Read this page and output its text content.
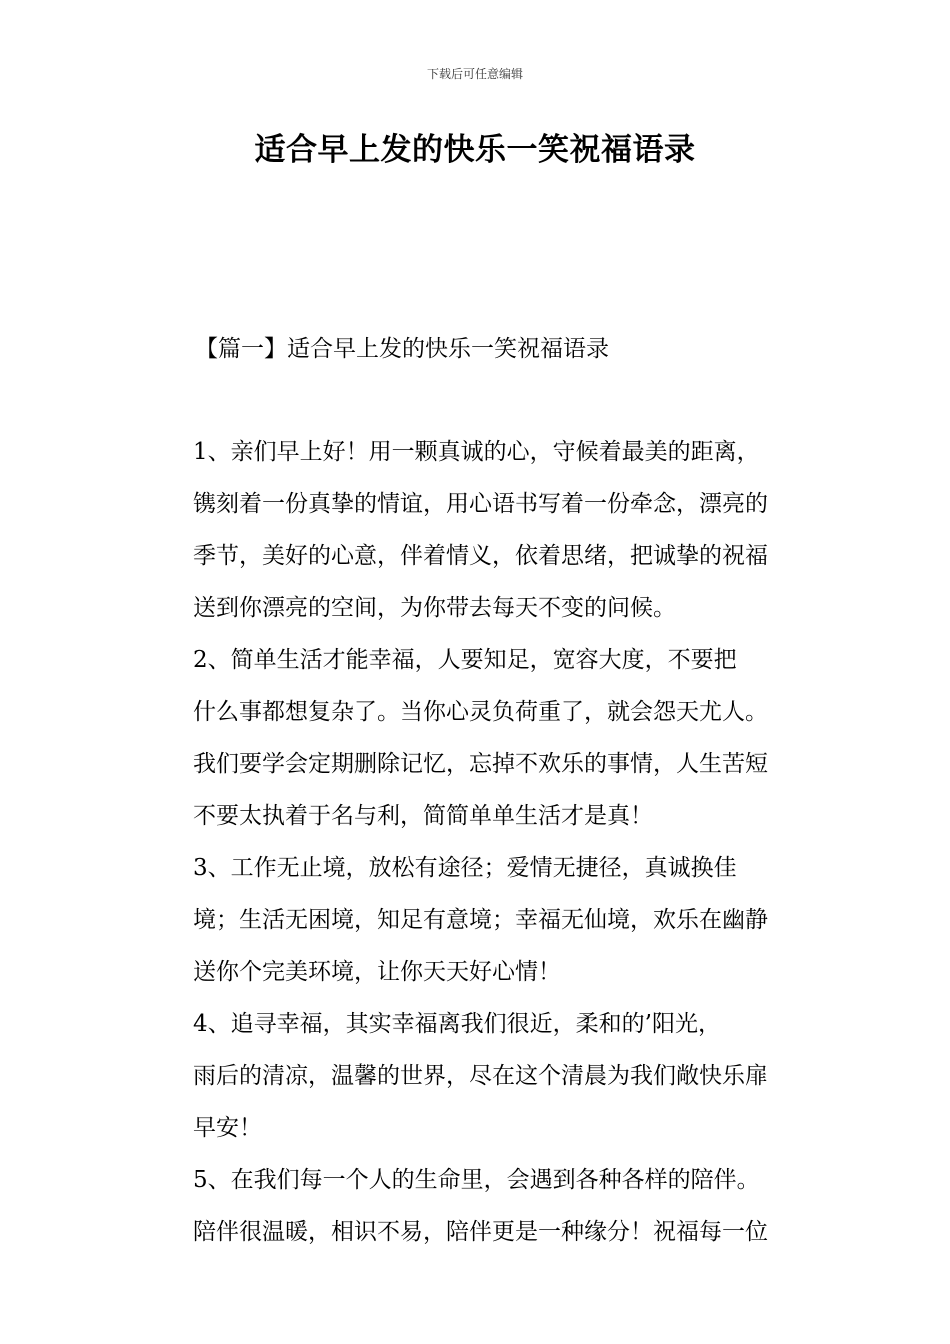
下载后可任意编辑
适合早上发的快乐一笑祝福语录
【篇一】适合早上发的快乐一笑祝福语录

1、亲们早上好！用一颗真诚的心，守候着最美的距离，
镌刻着一份真挚的情谊，用心语书写着一份牵念，漂亮的
季节，美好的心意，伴着情义，依着思绪，把诚挚的祝福
送到你漂亮的空间，为你带去每天不变的问候。

2、简单生活才能幸福，人要知足，宽容大度，不要把
什么事都想复杂了。当你心灵负荷重了，就会怨天尤人。
我们要学会定期删除记忆，忘掉不欢乐的事情，人生苦短
不要太执着于名与利，简简单单生活才是真！

3、工作无止境，放松有途径；爱情无捷径，真诚换佳
境；生活无困境，知足有意境；幸福无仙境，欢乐在幽静
送你个完美环境，让你天天好心情！

4、追寻幸福，其实幸福离我们很近，柔和的’阳光，
雨后的清凉，温馨的世界，尽在这个清晨为我们敞快乐扉
早安！

5、在我们每一个人的生命里，会遇到各种各样的陪伴。
陪伴很温暖，相识不易，陪伴更是一种缘分！祝福每一位
